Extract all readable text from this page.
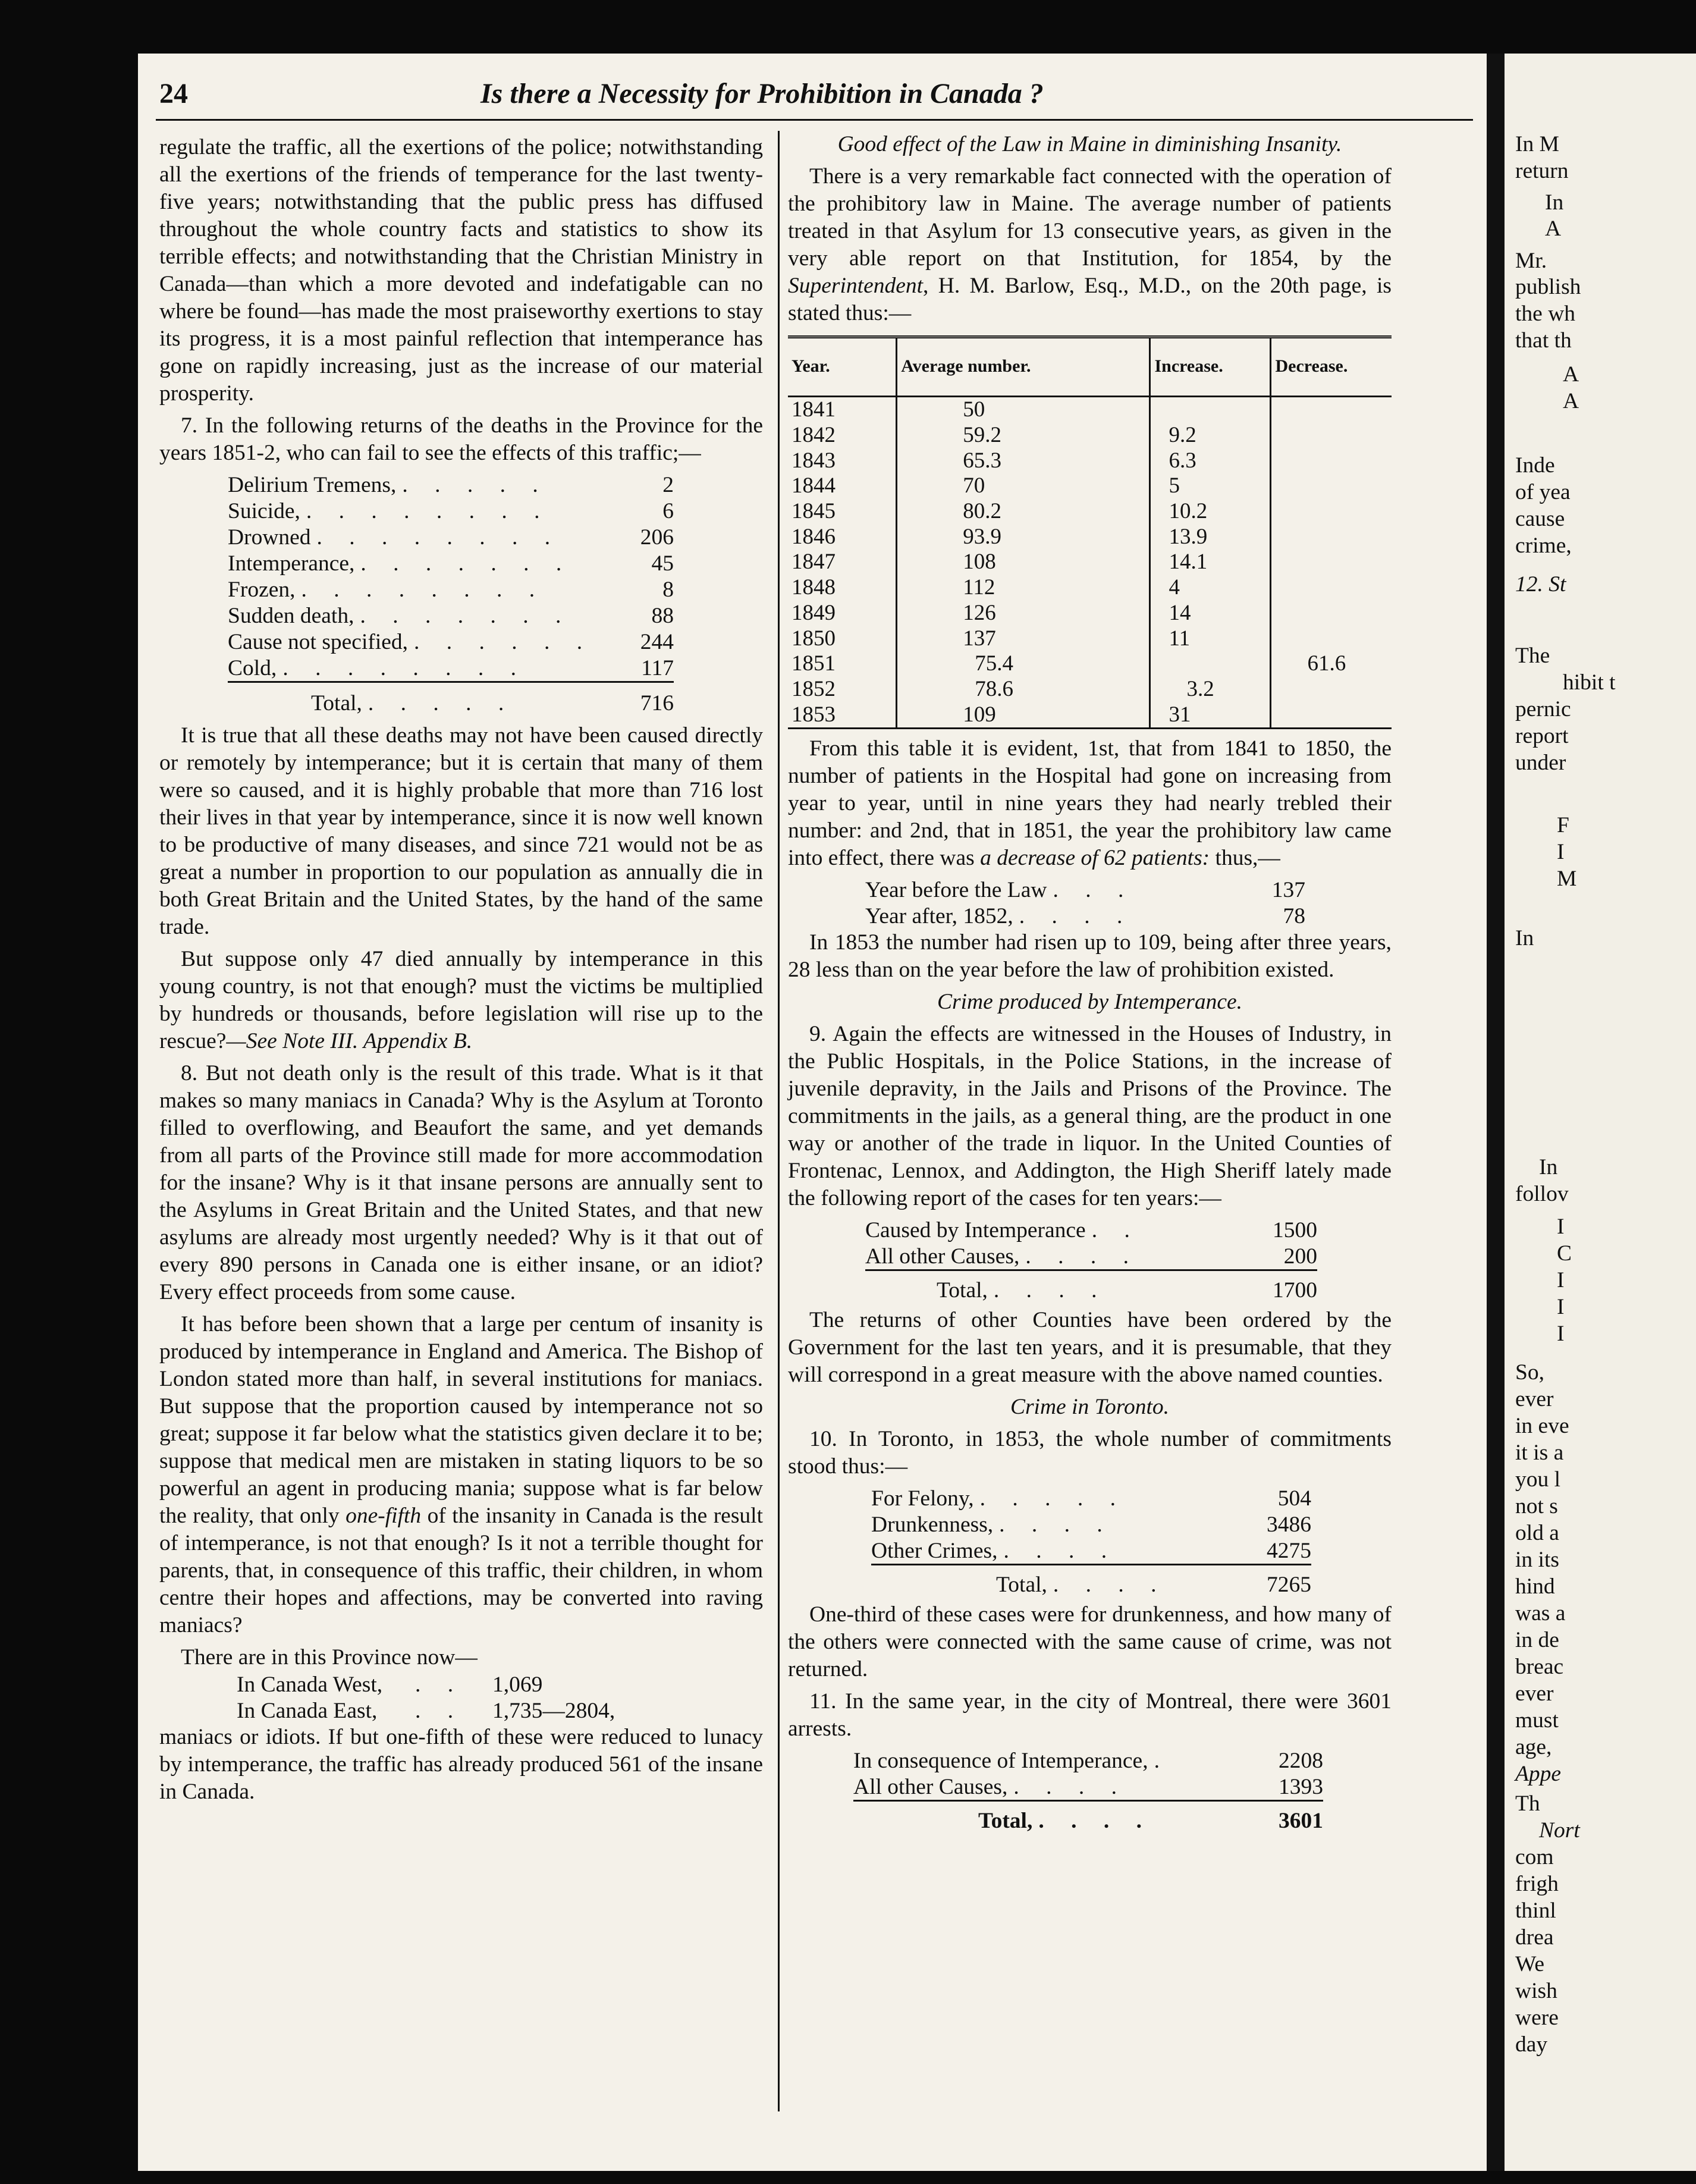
24	Is there a Necessity for Prohibition in Canada ?

regulate the traffic, all the exertions of the police; notwithstanding all the exertions of the friends of temperance for the last twenty-five years; notwithstanding that the public press has diffused throughout the whole country facts and statistics to show its terrible effects; and notwithstanding that the Christian Ministry in Canada—than which a more devoted and indefatigable can no where be found—has made the most praiseworthy exertions to stay its progress, it is a most painful reflection that intemperance has gone on rapidly increasing, just as the increase of our material prosperity.

7. In the following returns of the deaths in the Province for the years 1851-2, who can fail to see the effects of this traffic;—

Delirium Tremens, . . . . .	2
Suicide, . . . . . . . .	6
Drowned . . . . . . . .	206
Intemperance, . . . . . . .	45
Frozen, . . . . . . . .	8
Sudden death, . . . . . . .	88
Cause not specified, . . . . . .	244
Cold, . . . . . . . .	117
Total, . . . . .	716

It is true that all these deaths may not have been caused directly or remotely by intemperance; but it is certain that many of them were so caused, and it is highly probable that more than 716 lost their lives in that year by intemperance, since it is now well known to be productive of many diseases, and since 721 would not be as great a number in proportion to our population as annually die in both Great Britain and the United States, by the hand of the same trade.

But suppose only 47 died annually by intemperance in this young country, is not that enough? must the victims be multiplied by hundreds or thousands, before legislation will rise up to the rescue?—See Note III. Appendix B.

8. But not death only is the result of this trade. What is it that makes so many maniacs in Canada? Why is the Asylum at Toronto filled to overflowing, and Beaufort the same, and yet demands from all parts of the Province still made for more accommodation for the insane? Why is it that insane persons are annually sent to the Asylums in Great Britain and the United States, and that new asylums are already most urgently needed? Why is it that out of every 890 persons in Canada one is either insane, or an idiot? Every effect proceeds from some cause.

It has before been shown that a large per centum of insanity is produced by intemperance in England and America. The Bishop of London stated more than half, in several institutions for maniacs. But suppose that the proportion caused by intemperance not so great; suppose it far below what the statistics given declare it to be; suppose that medical men are mistaken in stating liquors to be so powerful an agent in producing mania; suppose what is far below the reality, that only one-fifth of the insanity in Canada is the result of intemperance, is not that enough? Is it not a terrible thought for parents, that, in consequence of this traffic, their children, in whom centre their hopes and affections, may be converted into raving maniacs?

There are in this Province now—

In Canada West,	. .	1,069
In Canada East,	. .	1,735 —2804,

maniacs or idiots. If but one-fifth of these were reduced to lunacy by intemperance, the traffic has already produced 561 of the insane in Canada.

Good effect of the Law in Maine in diminishing Insanity.

There is a very remarkable fact connected with the operation of the prohibitory law in Maine. The average number of patients treated in that Asylum for 13 consecutive years, as given in the very able report on that Institution, for 1854, by the Superintendent, H. M. Barlow, Esq., M.D., on the 20th page, is stated thus:—

Year.	Average number.	Increase.	Decrease.
1841	50		
1842	59.2	9.2	
1843	65.3	6.3	
1844	70	5	
1845	80.2	10.2	
1846	93.9	13.9	
1847	108	14.1	
1848	112	4	
1849	126	14	
1850	137	11	
1851	75.4		61.6
1852	78.6	3.2	
1853	109	31	

From this table it is evident, 1st, that from 1841 to 1850, the number of patients in the Hospital had gone on increasing from year to year, until in nine years they had nearly trebled their number: and 2nd, that in 1851, the year the prohibitory law came into effect, there was a decrease of 62 patients: thus,—

Year before the Law . . .	137
Year after, 1852, . . . .	78

In 1853 the number had risen up to 109, being after three years, 28 less than on the year before the law of prohibition existed.

Crime produced by Intemperance.

9. Again the effects are witnessed in the Houses of Industry, in the Public Hospitals, in the Police Stations, in the increase of juvenile depravity, in the Jails and Prisons of the Province. The commitments in the jails, as a general thing, are the product in one way or another of the trade in liquor. In the United Counties of Frontenac, Lennox, and Addington, the High Sheriff lately made the following report of the cases for ten years:—

Caused by Intemperance . .	1500
All other Causes, . . . .	200
Total, . . . .	1700

The returns of other Counties have been ordered by the Government for the last ten years, and it is presumable, that they will correspond in a great measure with the above named counties.

Crime in Toronto.

10. In Toronto, in 1853, the whole number of commitments stood thus:—

For Felony, . . . . .	504
Drunkenness, . . . .	3486
Other Crimes, . . . .	4275
Total, . . . .	7265

One-third of these cases were for drunkenness, and how many of the others were connected with the same cause of crime, was not returned.

11. In the same year, in the city of Montreal, there were 3601 arrests.

In consequence of Intemperance, .	2208
All other Causes, . . . .	1393
Total, . . . .	3601
In M
return
In
A
Mr.
publish
the wh
that th
A
A
Inde
of yea
cause
crime,
12. St
The
hibit t
pernic
report
under
F
I
M
In
In
follov
I
C
I
I
I
So,
ever
in eve
it is a
you l
not s
old a
in its
hind
was a
in de
breac
ever
must
age,
Appe
Th
Nort
com
frigh
thinl
drea
We
wish
were
day
